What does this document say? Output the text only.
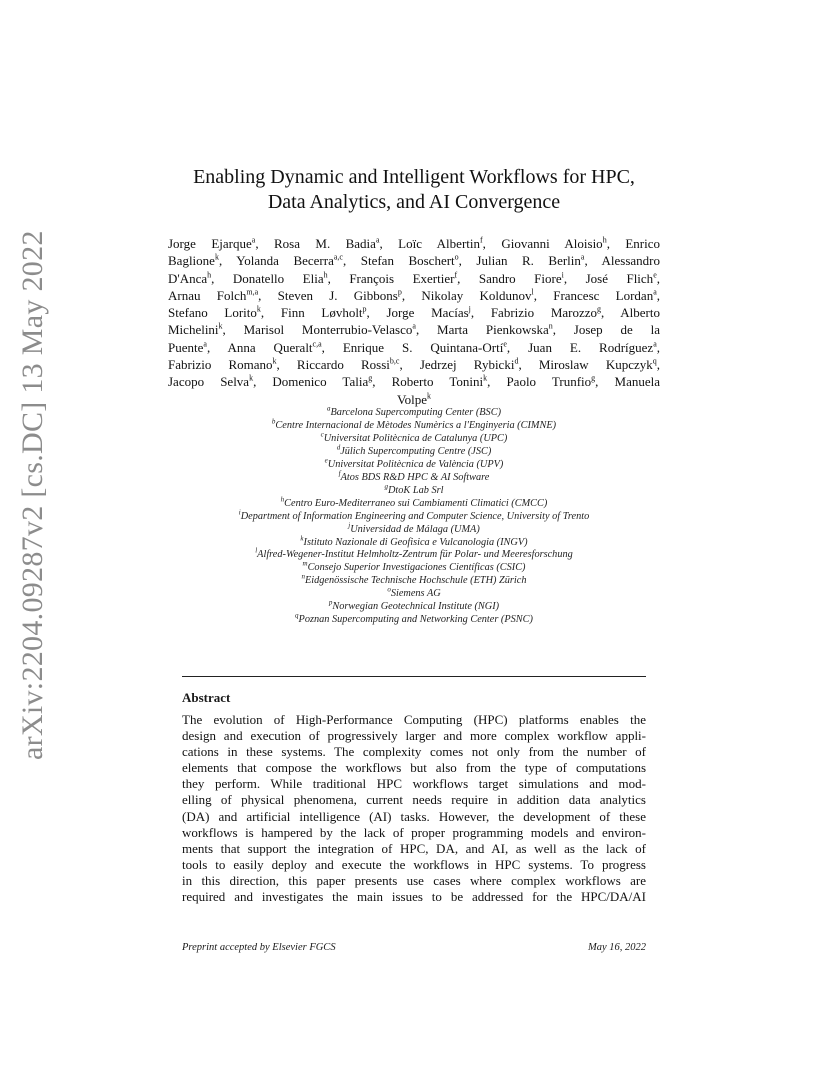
arXiv:2204.09287v2 [cs.DC] 13 May 2022
Enabling Dynamic and Intelligent Workflows for HPC,
Data Analytics, and AI Convergence
Jorge Ejarque$^a$, Rosa M. Badia$^a$, Loïc Albertin$^f$, Giovanni Aloisio$^h$, Enrico
Baglione$^k$, Yolanda Becerra$^{a,c}$, Stefan Boschert$^o$, Julian R. Berlin$^a$, Alessandro
D'Anca$^h$, Donatello Elia$^h$, François Exertier$^f$, Sandro Fiore$^i$, José Flich$^e$,
Arnau Folch$^{m,a}$, Steven J. Gibbons$^p$, Nikolay Koldunov$^l$, Francesc Lordan$^a$,
Stefano Lorito$^k$, Finn Løvholt$^p$, Jorge Macías$^j$, Fabrizio Marozzo$^g$, Alberto
Michelini$^k$, Marisol Monterrubio-Velasco$^a$, Marta Pienkowska$^n$, Josep de la
Puente$^a$, Anna Queralt$^{c,a}$, Enrique S. Quintana-Ortí$^e$, Juan E. Rodríguez$^a$,
Fabrizio Romano$^k$, Riccardo Rossi$^{b,c}$, Jedrzej Rybicki$^d$, Miroslaw Kupczyk$^q$,
Jacopo Selva$^k$, Domenico Talia$^g$, Roberto Tonini$^k$, Paolo Trunfio$^g$, Manuela
Volpe$^k$
$^a$Barcelona Supercomputing Center (BSC)
$^b$Centre Internacional de Mètodes Numèrics a l'Enginyeria (CIMNE)
$^c$Universitat Politècnica de Catalunya (UPC)
$^d$Jülich Supercomputing Centre (JSC)
$^e$Universitat Politècnica de València (UPV)
$^f$Atos BDS R&D HPC & AI Software
$^g$DtoK Lab Srl
$^h$Centro Euro-Mediterraneo sui Cambiamenti Climatici (CMCC)
$^i$Department of Information Engineering and Computer Science, University of Trento
$^j$Universidad de Málaga (UMA)
$^k$Istituto Nazionale di Geofisica e Vulcanologia (INGV)
$^l$Alfred-Wegener-Institut Helmholtz-Zentrum für Polar- und Meeresforschung
$^m$Consejo Superior Investigaciones Científicas (CSIC)
$^n$Eidgenössische Technische Hochschule (ETH) Zürich
$^o$Siemens AG
$^p$Norwegian Geotechnical Institute (NGI)
$^q$Poznan Supercomputing and Networking Center (PSNC)
Abstract
The evolution of High-Performance Computing (HPC) platforms enables the
design and execution of progressively larger and more complex workflow appli-
cations in these systems. The complexity comes not only from the number of
elements that compose the workflows but also from the type of computations
they perform. While traditional HPC workflows target simulations and mod-
elling of physical phenomena, current needs require in addition data analytics
(DA) and artificial intelligence (AI) tasks. However, the development of these
workflows is hampered by the lack of proper programming models and environ-
ments that support the integration of HPC, DA, and AI, as well as the lack of
tools to easily deploy and execute the workflows in HPC systems. To progress
in this direction, this paper presents use cases where complex workflows are
required and investigates the main issues to be addressed for the HPC/DA/AI
Preprint accepted by Elsevier FGCS	May 16, 2022
